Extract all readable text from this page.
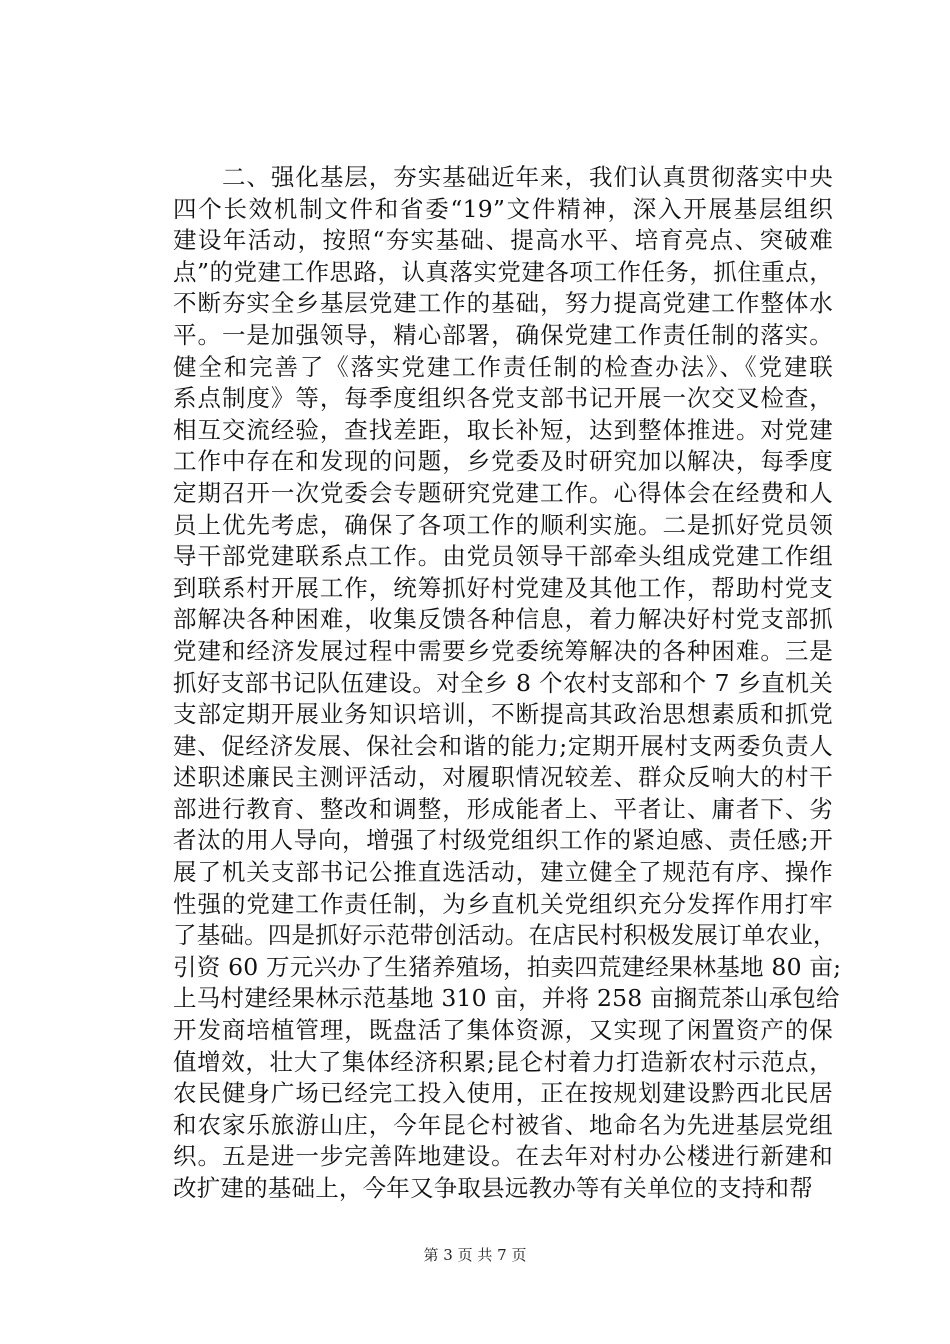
　　二、强化基层，夯实基础近年来，我们认真贯彻落实中央
四个长效机制文件和省委“19”文件精神，深入开展基层组织
建设年活动，按照“夯实基础、提高水平、培育亮点、突破难
点”的党建工作思路，认真落实党建各项工作任务，抓住重点，
不断夯实全乡基层党建工作的基础，努力提高党建工作整体水
平。一是加强领导，精心部署，确保党建工作责任制的落实。
健全和完善了《落实党建工作责任制的检查办法》、《党建联
系点制度》等，每季度组织各党支部书记开展一次交叉检查，
相互交流经验，查找差距，取长补短，达到整体推进。对党建
工作中存在和发现的问题，乡党委及时研究加以解决，每季度
定期召开一次党委会专题研究党建工作。心得体会在经费和人
员上优先考虑，确保了各项工作的顺利实施。二是抓好党员领
导干部党建联系点工作。由党员领导干部牵头组成党建工作组
到联系村开展工作，统筹抓好村党建及其他工作，帮助村党支
部解决各种困难，收集反馈各种信息，着力解决好村党支部抓
党建和经济发展过程中需要乡党委统筹解决的各种困难。三是
抓好支部书记队伍建设。对全乡 8 个农村支部和个 7 乡直机关
支部定期开展业务知识培训，不断提高其政治思想素质和抓党
建、促经济发展、保社会和谐的能力;定期开展村支两委负责人
述职述廉民主测评活动，对履职情况较差、群众反响大的村干
部进行教育、整改和调整，形成能者上、平者让、庸者下、劣
者汰的用人导向，增强了村级党组织工作的紧迫感、责任感;开
展了机关支部书记公推直选活动，建立健全了规范有序、操作
性强的党建工作责任制，为乡直机关党组织充分发挥作用打牢
了基础。四是抓好示范带创活动。在店民村积极发展订单农业，
引资 60 万元兴办了生猪养殖场，拍卖四荒建经果林基地 80 亩;
上马村建经果林示范基地 310 亩，并将 258 亩搁荒茶山承包给
开发商培植管理，既盘活了集体资源，又实现了闲置资产的保
值增效，壮大了集体经济积累;昆仑村着力打造新农村示范点，
农民健身广场已经完工投入使用，正在按规划建设黔西北民居
和农家乐旅游山庄，今年昆仑村被省、地命名为先进基层党组
织。五是进一步完善阵地建设。在去年对村办公楼进行新建和
改扩建的基础上，今年又争取县远教办等有关单位的支持和帮
第 3 页 共 7 页
